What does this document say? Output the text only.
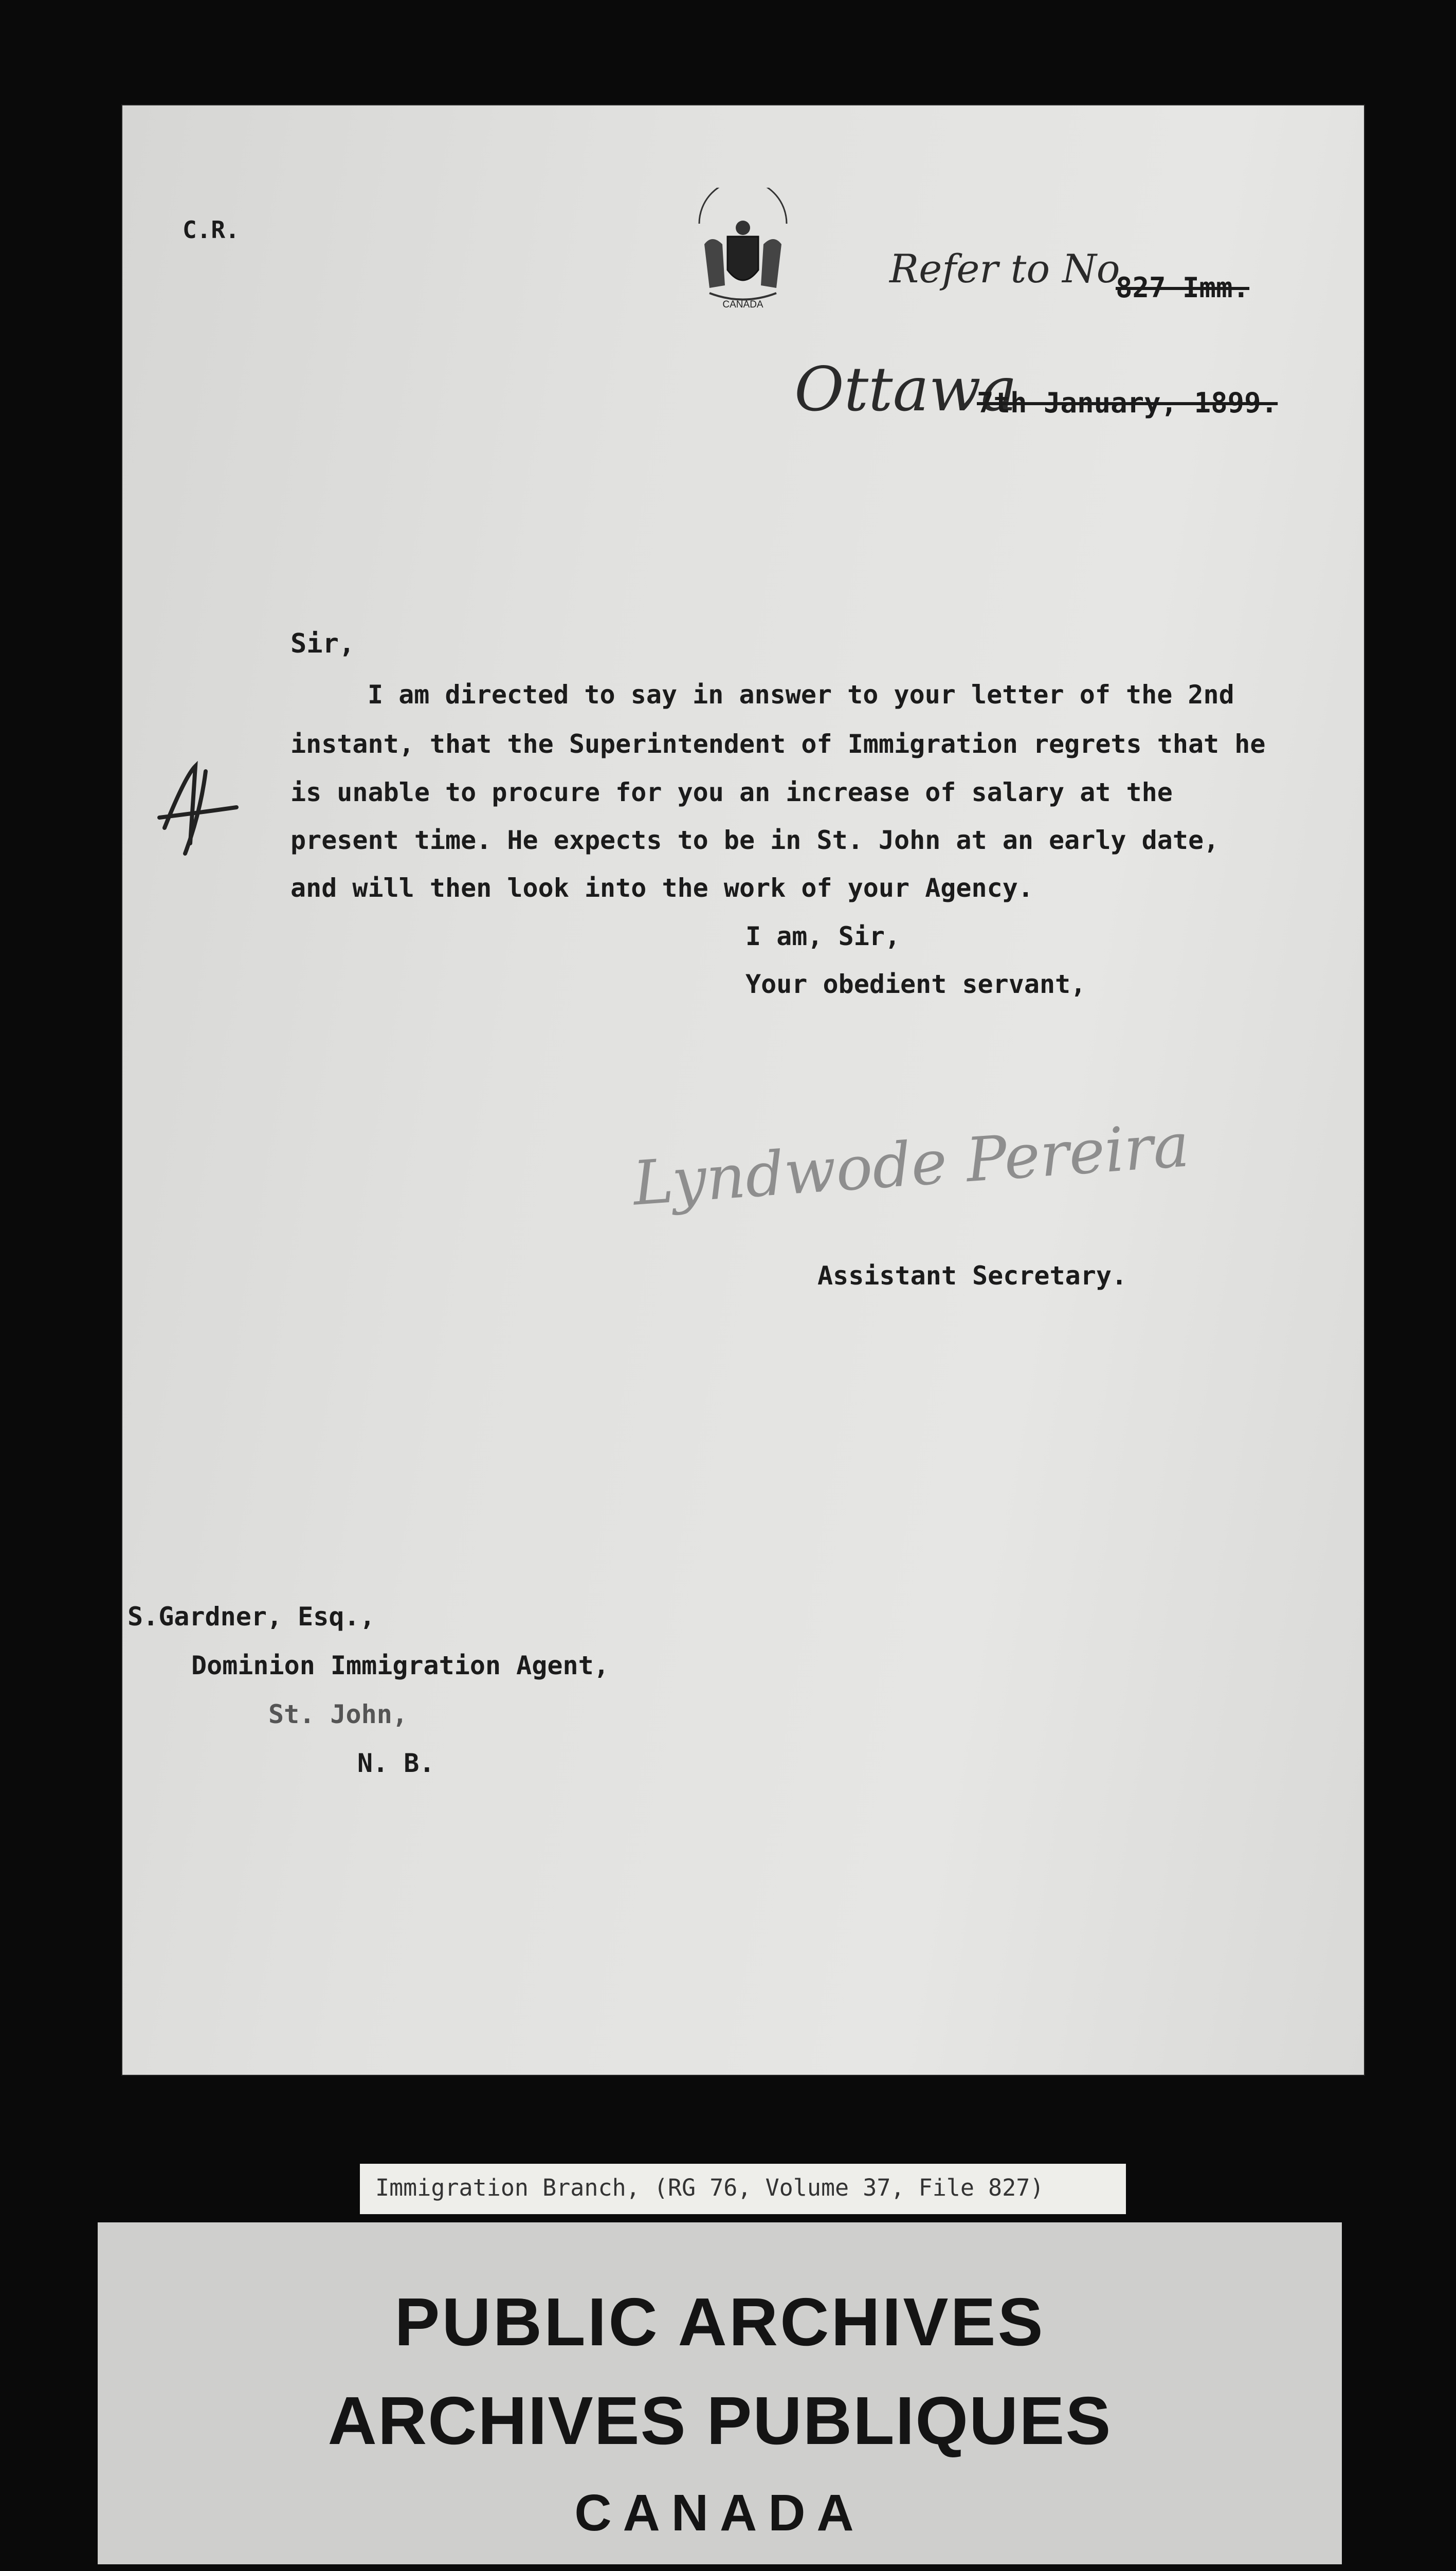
CANADA
C.R.
Refer to No
827 Imm.
Ottawa
7th January, 1899.
Sir,
I am directed to say in answer to your letter of the 2nd
instant, that the Superintendent of Immigration regrets that he
is unable to procure for you an increase of salary at the
present time. He expects to be in St. John at an early date,
and will then look into the work of your Agency.
I am, Sir,
Your obedient servant,
Lyndwode Pereira
Assistant Secretary.
S.Gardner, Esq.,
Dominion Immigration Agent,
St. John,
N. B.
Immigration Branch, (RG 76, Volume 37, File 827)
PUBLIC ARCHIVES
ARCHIVES PUBLIQUES
CANADA
